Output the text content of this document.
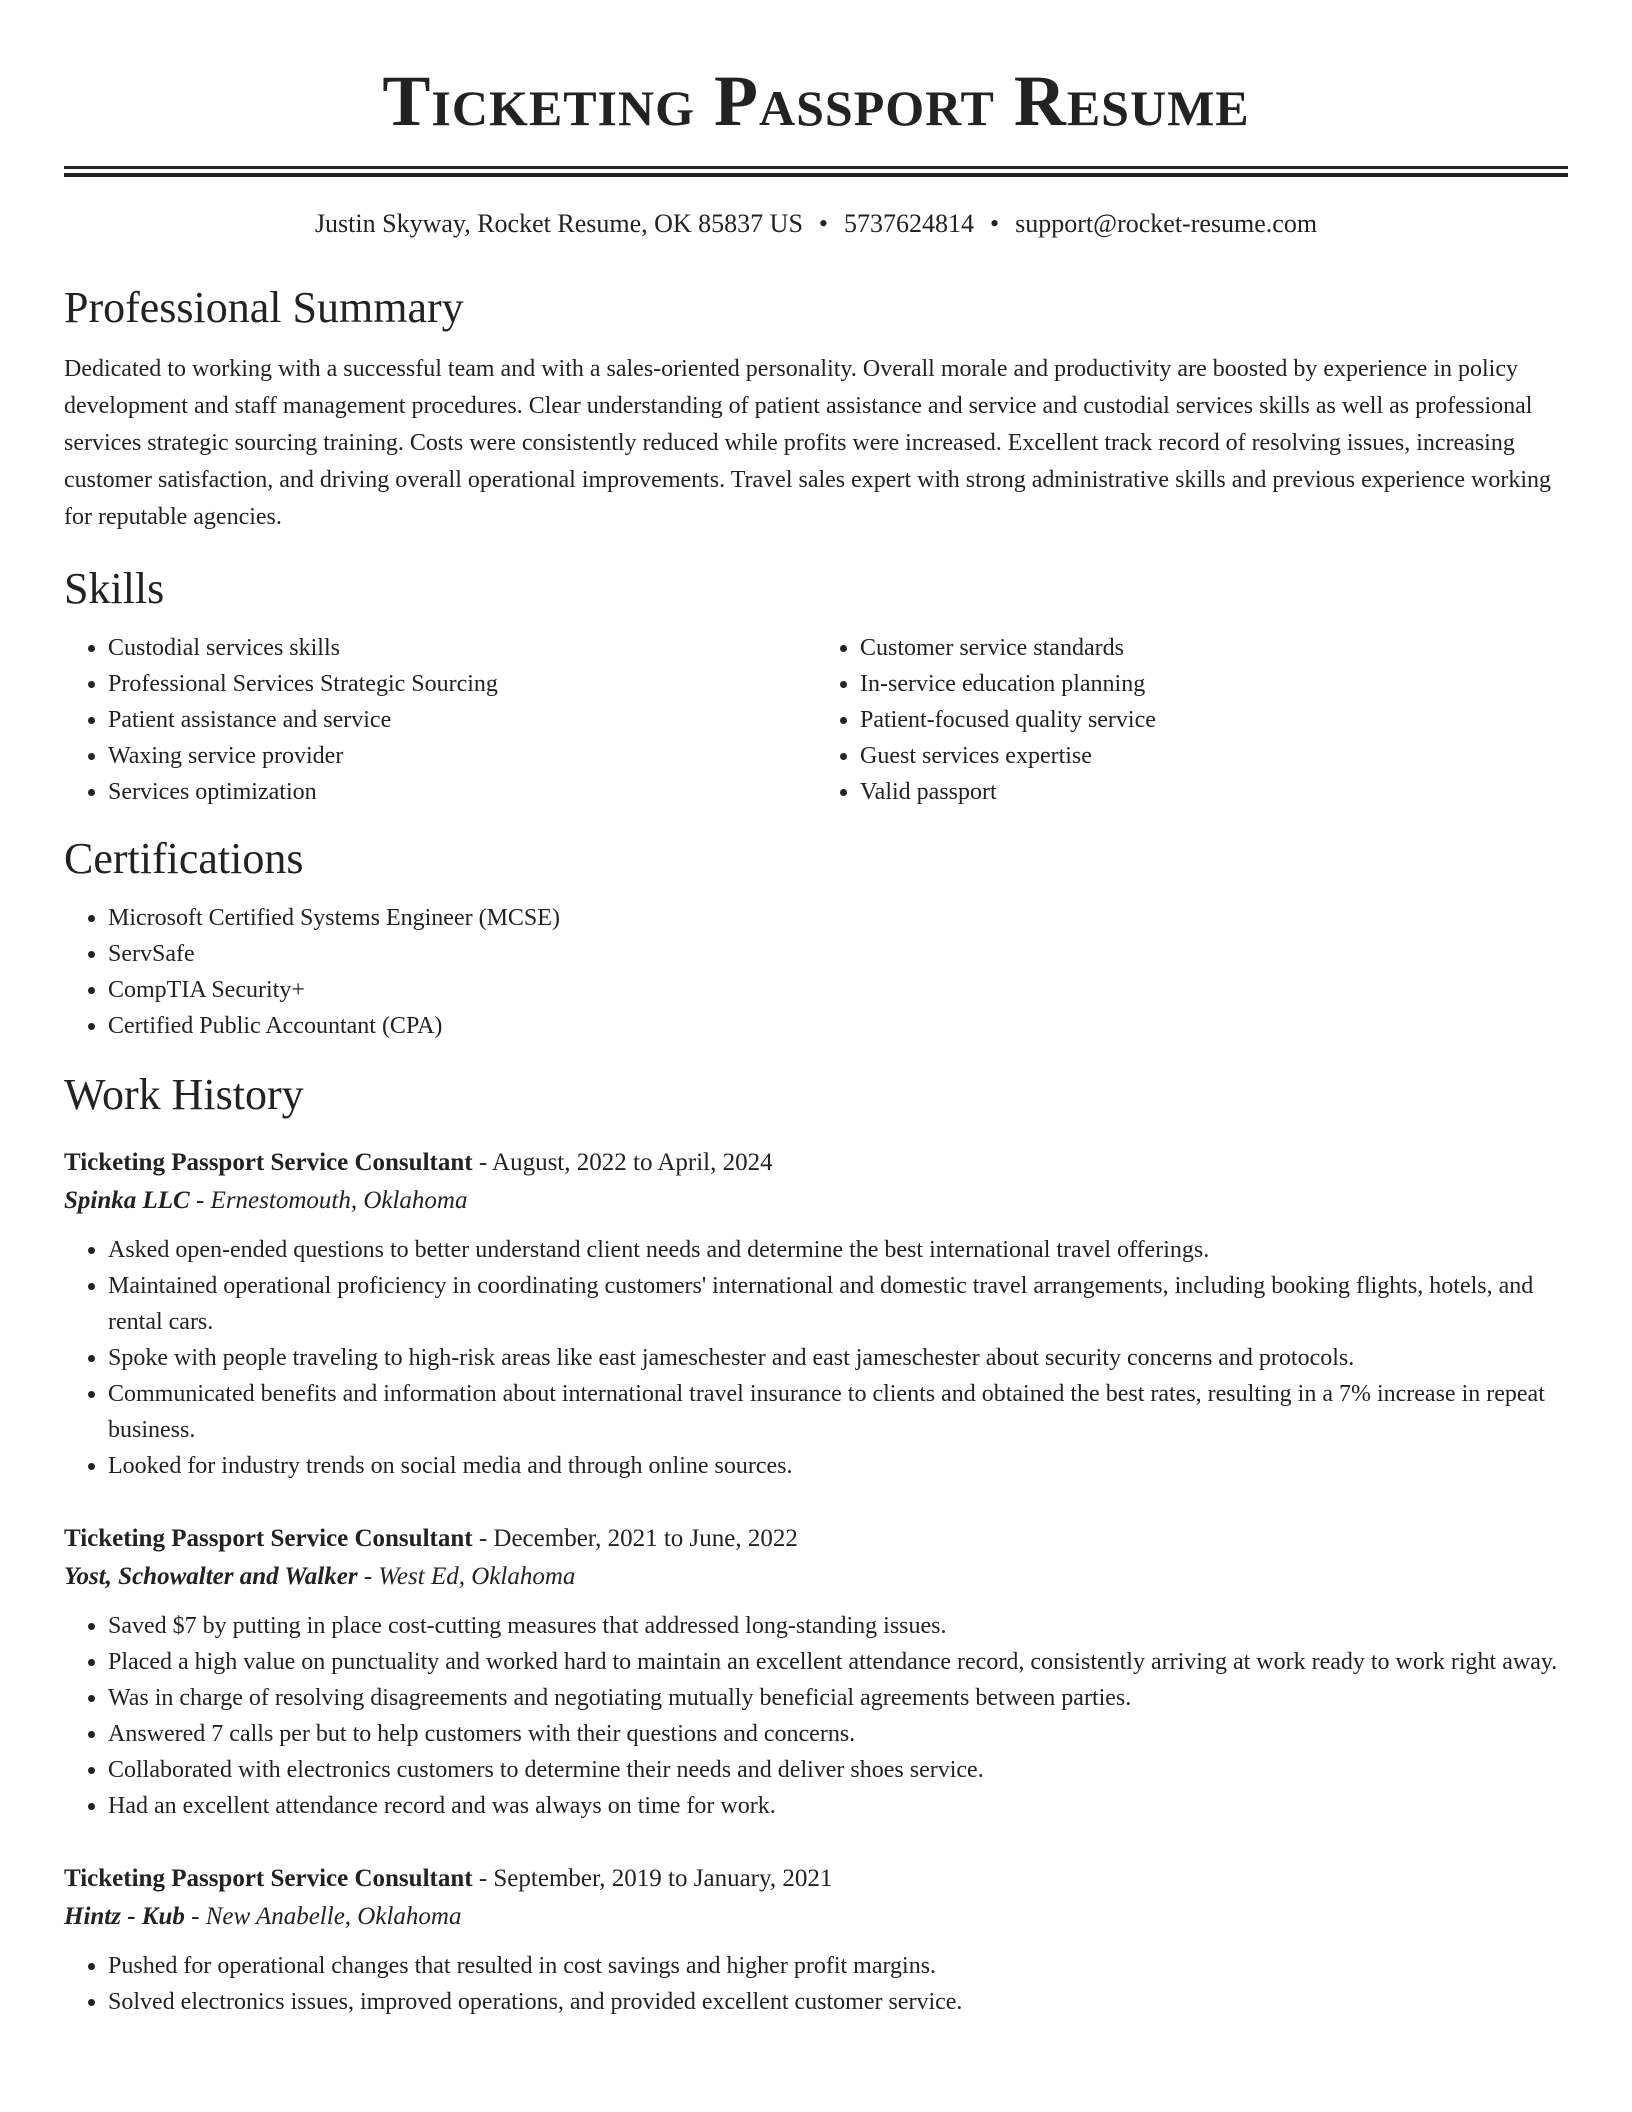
Ticketing Passport Resume
Justin Skyway, Rocket Resume, OK 85837 US • 5737624814 • support@rocket-resume.com
Professional Summary

Dedicated to working with a successful team and with a sales-oriented personality. Overall morale and productivity are boosted by experience in policy development and staff management procedures. Clear understanding of patient assistance and service and custodial services skills as well as professional services strategic sourcing training. Costs were consistently reduced while profits were increased. Excellent track record of resolving issues, increasing customer satisfaction, and driving overall operational improvements. Travel sales expert with strong administrative skills and previous experience working for reputable agencies.

Skills
• Custodial services skills
• Professional Services Strategic Sourcing
• Patient assistance and service
• Waxing service provider
• Services optimization
• Customer service standards
• In-service education planning
• Patient-focused quality service
• Guest services expertise
• Valid passport
Certifications
• Microsoft Certified Systems Engineer (MCSE)
• ServSafe
• CompTIA Security+
• Certified Public Accountant (CPA)
Work History
Ticketing Passport Service Consultant - August, 2022 to April, 2024
Spinka LLC - Ernestomouth, Oklahoma
• Asked open-ended questions to better understand client needs and determine the best international travel offerings.
• Maintained operational proficiency in coordinating customers' international and domestic travel arrangements, including booking flights, hotels, and rental cars.
• Spoke with people traveling to high-risk areas like east jameschester and east jameschester about security concerns and protocols.
• Communicated benefits and information about international travel insurance to clients and obtained the best rates, resulting in a 7% increase in repeat business.
• Looked for industry trends on social media and through online sources.
Ticketing Passport Service Consultant - December, 2021 to June, 2022
Yost, Schowalter and Walker - West Ed, Oklahoma
• Saved $7 by putting in place cost-cutting measures that addressed long-standing issues.
• Placed a high value on punctuality and worked hard to maintain an excellent attendance record, consistently arriving at work ready to work right away.
• Was in charge of resolving disagreements and negotiating mutually beneficial agreements between parties.
• Answered 7 calls per but to help customers with their questions and concerns.
• Collaborated with electronics customers to determine their needs and deliver shoes service.
• Had an excellent attendance record and was always on time for work.
Ticketing Passport Service Consultant - September, 2019 to January, 2021
Hintz - Kub - New Anabelle, Oklahoma
• Pushed for operational changes that resulted in cost savings and higher profit margins.
• Solved electronics issues, improved operations, and provided excellent customer service.
